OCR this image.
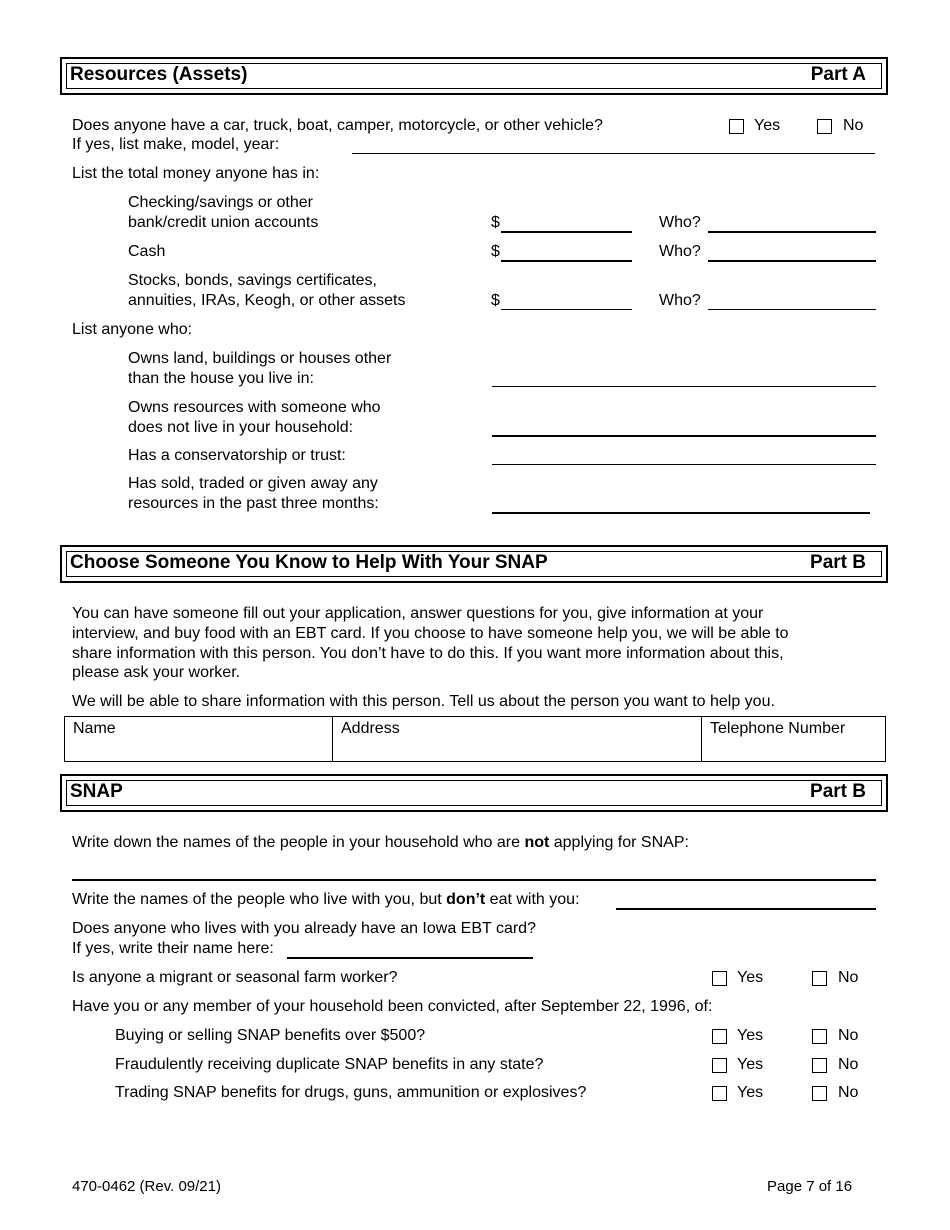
Resources (Assets)	Part A
Does anyone have a car, truck, boat, camper, motorcycle, or other vehicle?	Yes	No
If yes, list make, model, year:
List the total money anyone has in:
Checking/savings or other
bank/credit union accounts	$	Who?
Cash	$	Who?
Stocks, bonds, savings certificates,
annuities, IRAs, Keogh, or other assets	$	Who?
List anyone who:
Owns land, buildings or houses other
than the house you live in:
Owns resources with someone who
does not live in your household:
Has a conservatorship or trust:
Has sold, traded or given away any
resources in the past three months:
Choose Someone You Know to Help With Your SNAP	Part B
You can have someone fill out your application, answer questions for you, give information at your
interview, and buy food with an EBT card. If you choose to have someone help you, we will be able to
share information with this person. You don’t have to do this. If you want more information about this,
please ask your worker.
We will be able to share information with this person. Tell us about the person you want to help you.
Name	Address	Telephone Number
SNAP	Part B
Write down the names of the people in your household who are not applying for SNAP:
Write the names of the people who live with you, but don’t eat with you:
Does anyone who lives with you already have an Iowa EBT card?
If yes, write their name here:
Is anyone a migrant or seasonal farm worker?	Yes	No
Have you or any member of your household been convicted, after September 22, 1996, of:
Buying or selling SNAP benefits over $500?	Yes	No
Fraudulently receiving duplicate SNAP benefits in any state?	Yes	No
Trading SNAP benefits for drugs, guns, ammunition or explosives?	Yes	No
470-0462 (Rev. 09/21)	Page 7 of 16
